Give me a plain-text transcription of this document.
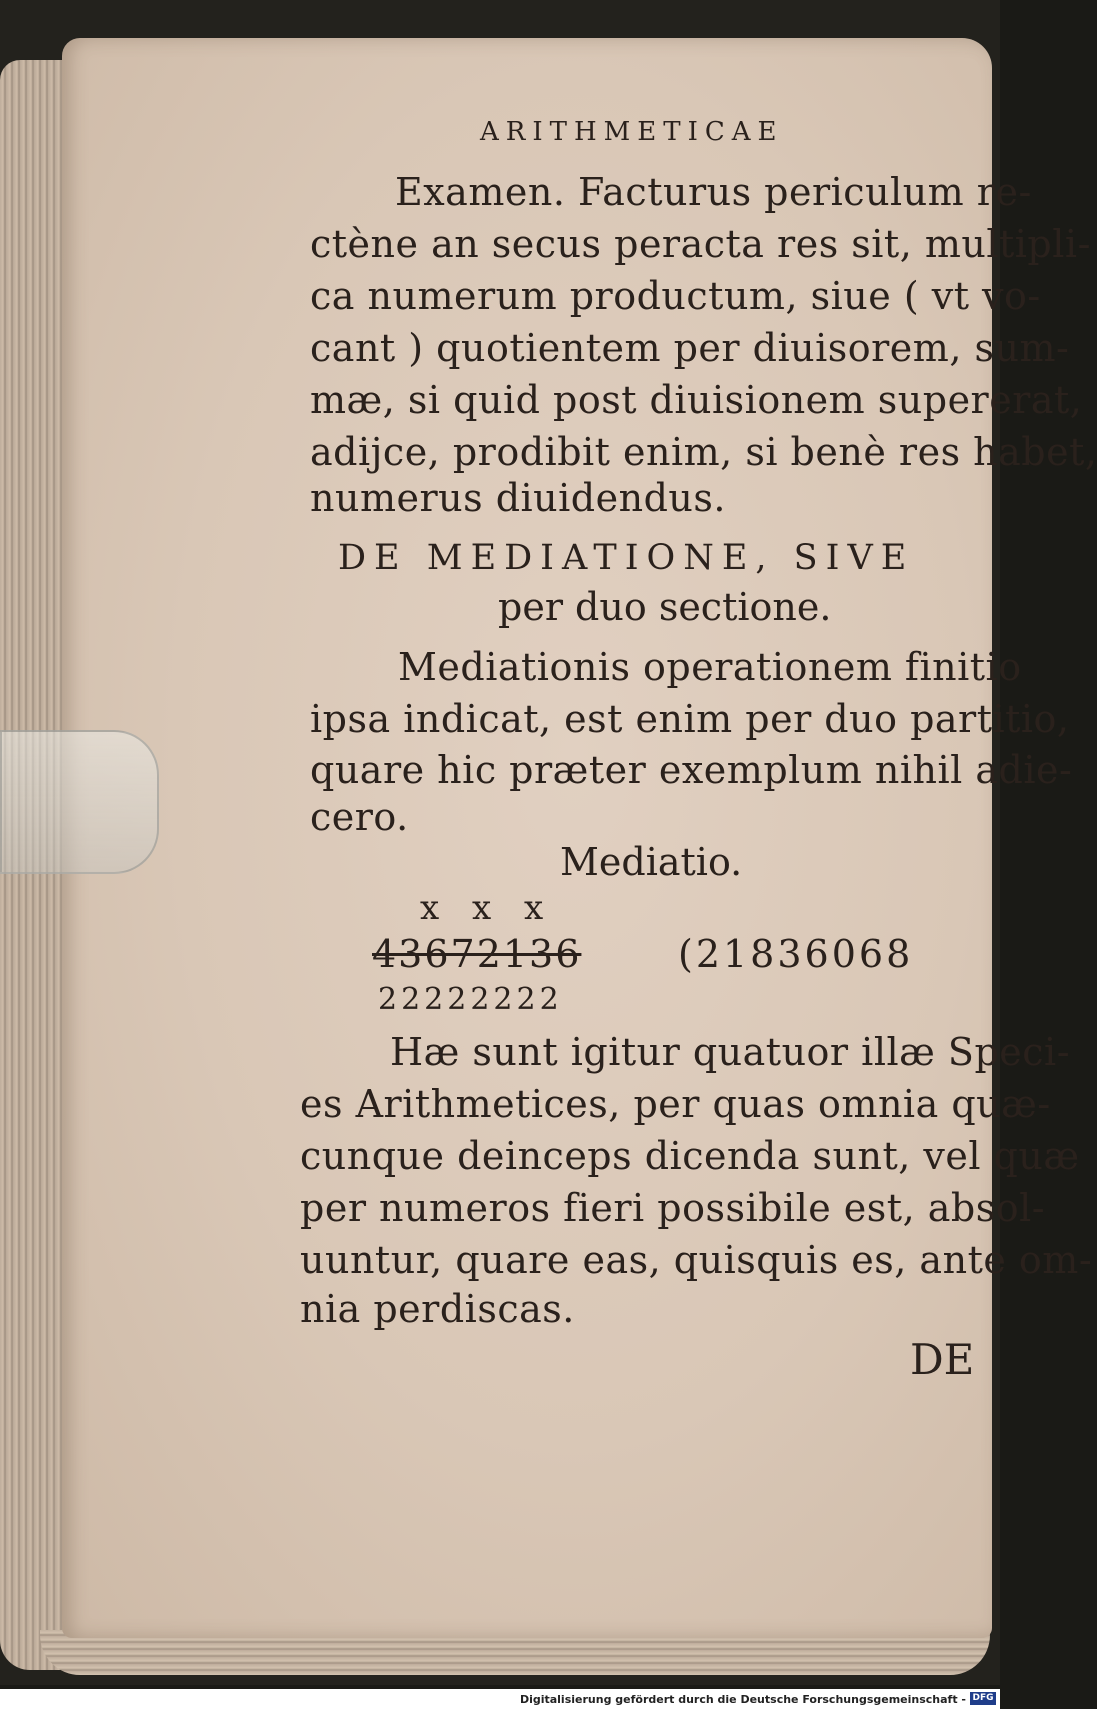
ARITHMETICAE
Examen. Facturus periculum re-
ctène an secus peracta res sit, multipli-
ca numerum productum, siue ( vt vo-
cant ) quotientem per diuisorem, sum-
mæ, si quid post diuisionem supererat,
adijce, prodibit enim, si benè res habet,
numerus diuidendus.
DE MEDIATIONE, SIVE
per duo sectione.
Mediationis operationem finitio
ipsa indicat, est enim per duo partitio,
quare hic præter exemplum nihil adie-
cero.
Mediatio.
x x x
43672136	(21836068
22222222
Hæ sunt igitur quatuor illæ Speci-
es Arithmetices, per quas omnia quæ-
cunque deinceps dicenda sunt, vel quæ
per numeros fieri possibile est, absol-
uuntur, quare eas, quisquis es, ante om-
nia perdiscas.
DE
Digitalisierung gefördert durch die Deutsche Forschungsgemeinschaft - DFG
